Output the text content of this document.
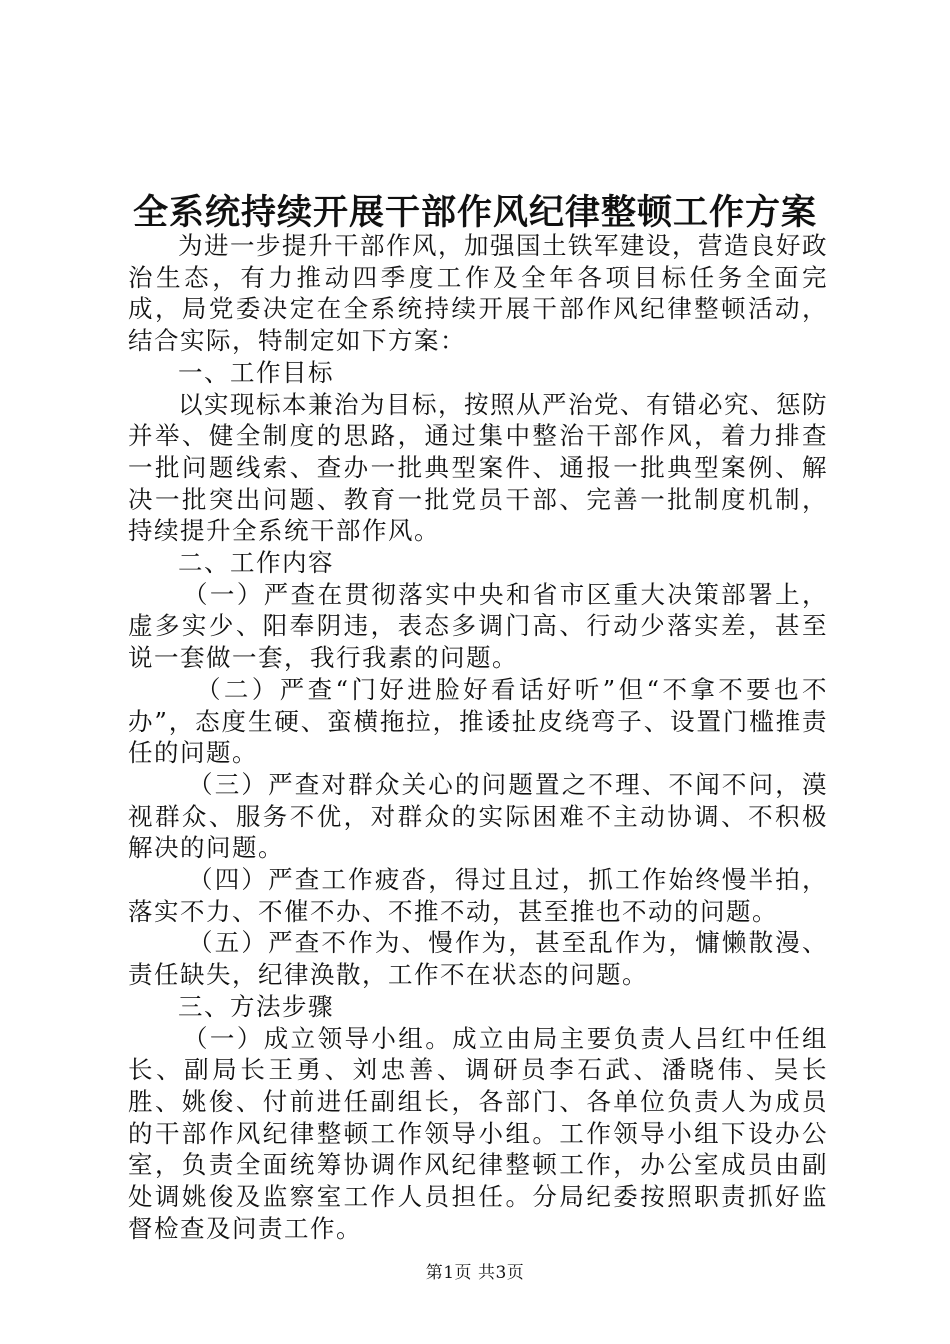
全系统持续开展干部作风纪律整顿工作方案

为进一步提升干部作风，加强国土铁军建设，营造良好政治生态，有力推动四季度工作及全年各项目标任务全面完成，局党委决定在全系统持续开展干部作风纪律整顿活动，结合实际，特制定如下方案：

一、工作目标

以实现标本兼治为目标，按照从严治党、有错必究、惩防并举、健全制度的思路，通过集中整治干部作风，着力排查一批问题线索、查办一批典型案件、通报一批典型案例、解决一批突出问题、教育一批党员干部、完善一批制度机制，持续提升全系统干部作风。

二、工作内容

（一）严查在贯彻落实中央和省市区重大决策部署上，虚多实少、阳奉阴违，表态多调门高、行动少落实差，甚至说一套做一套，我行我素的问题。

（二）严查“门好进脸好看话好听”但“不拿不要也不办”，态度生硬、蛮横拖拉，推诿扯皮绕弯子、设置门槛推责任的问题。

（三）严查对群众关心的问题置之不理、不闻不问，漠视群众、服务不优，对群众的实际困难不主动协调、不积极解决的问题。

（四）严查工作疲沓，得过且过，抓工作始终慢半拍，落实不力、不催不办、不推不动，甚至推也不动的问题。

（五）严查不作为、慢作为，甚至乱作为，慵懒散漫、责任缺失，纪律涣散，工作不在状态的问题。

三、方法步骤

（一）成立领导小组。成立由局主要负责人吕红中任组长、副局长王勇、刘忠善、调研员李石武、潘晓伟、吴长胜、姚俊、付前进任副组长，各部门、各单位负责人为成员的干部作风纪律整顿工作领导小组。工作领导小组下设办公室，负责全面统筹协调作风纪律整顿工作，办公室成员由副处调姚俊及监察室工作人员担任。分局纪委按照职责抓好监督检查及问责工作。

第1页 共3页
